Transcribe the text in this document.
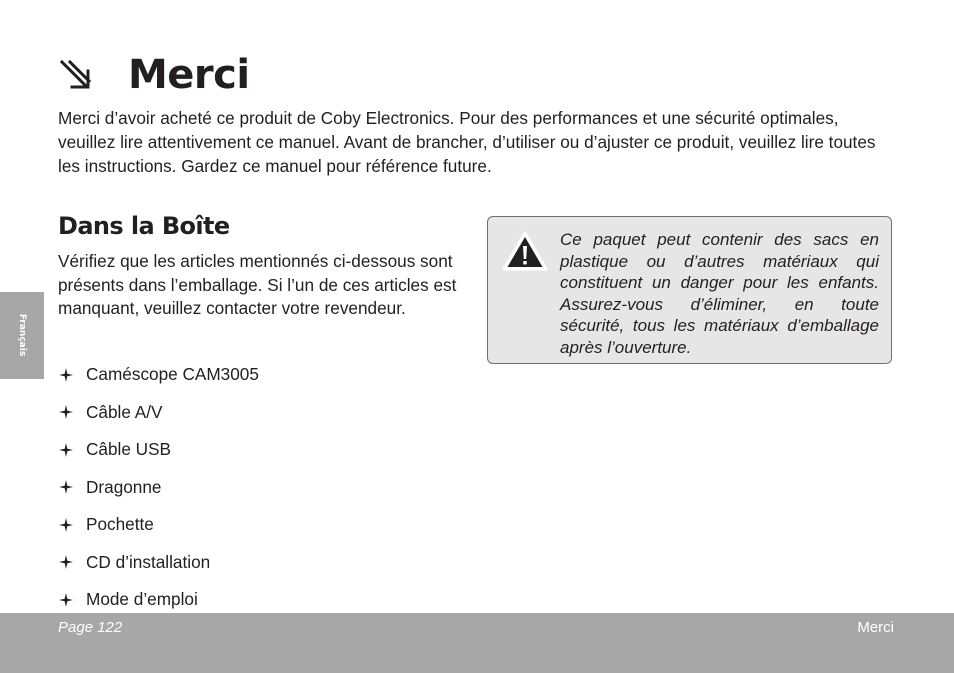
Merci

Merci d’avoir acheté ce produit de Coby Electronics. Pour des performances et une sécurité optimales, veuillez lire attentivement ce manuel. Avant de brancher, d’utiliser ou d’ajuster ce produit, veuillez lire toutes les instructions. Gardez ce manuel pour référence future.

Dans la Boîte

Vérifiez que les articles mentionnés ci-dessous sont présents dans l’emballage. Si l’un de ces articles est manquant, veuillez contacter votre revendeur.

Caméscope CAM3005
Câble A/V
Câble USB
Dragonne
Pochette
CD d’installation
Mode d’emploi

Ce paquet peut contenir des sacs en plastique ou d’autres matériaux qui constituent un danger pour les enfants. Assurez-vous d’éliminer, en toute sécurité, tous les matériaux d’emballage après l’ouverture.

Français
Page 122	Merci
